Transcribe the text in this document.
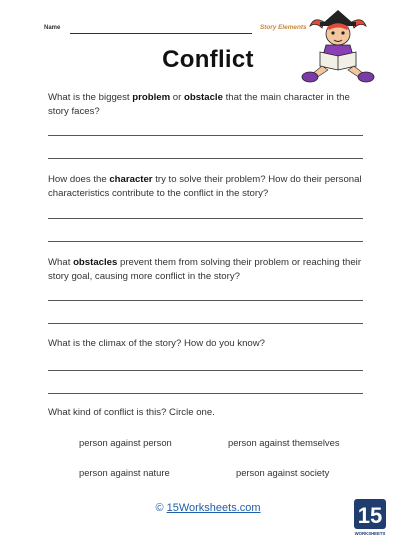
Name	Story Elements
Conflict
What is the biggest problem or obstacle that the main character in the story faces?
How does the character try to solve their problem? How do their personal characteristics contribute to the conflict in the story?
What obstacles prevent them from solving their problem or reaching their story goal, causing more conflict in the story?
What is the climax of the story? How do you know?
What kind of conflict is this? Circle one.
person against person	person against themselves
person against nature	person against society
© 15Worksheets.com	15
WORKSHEETS
